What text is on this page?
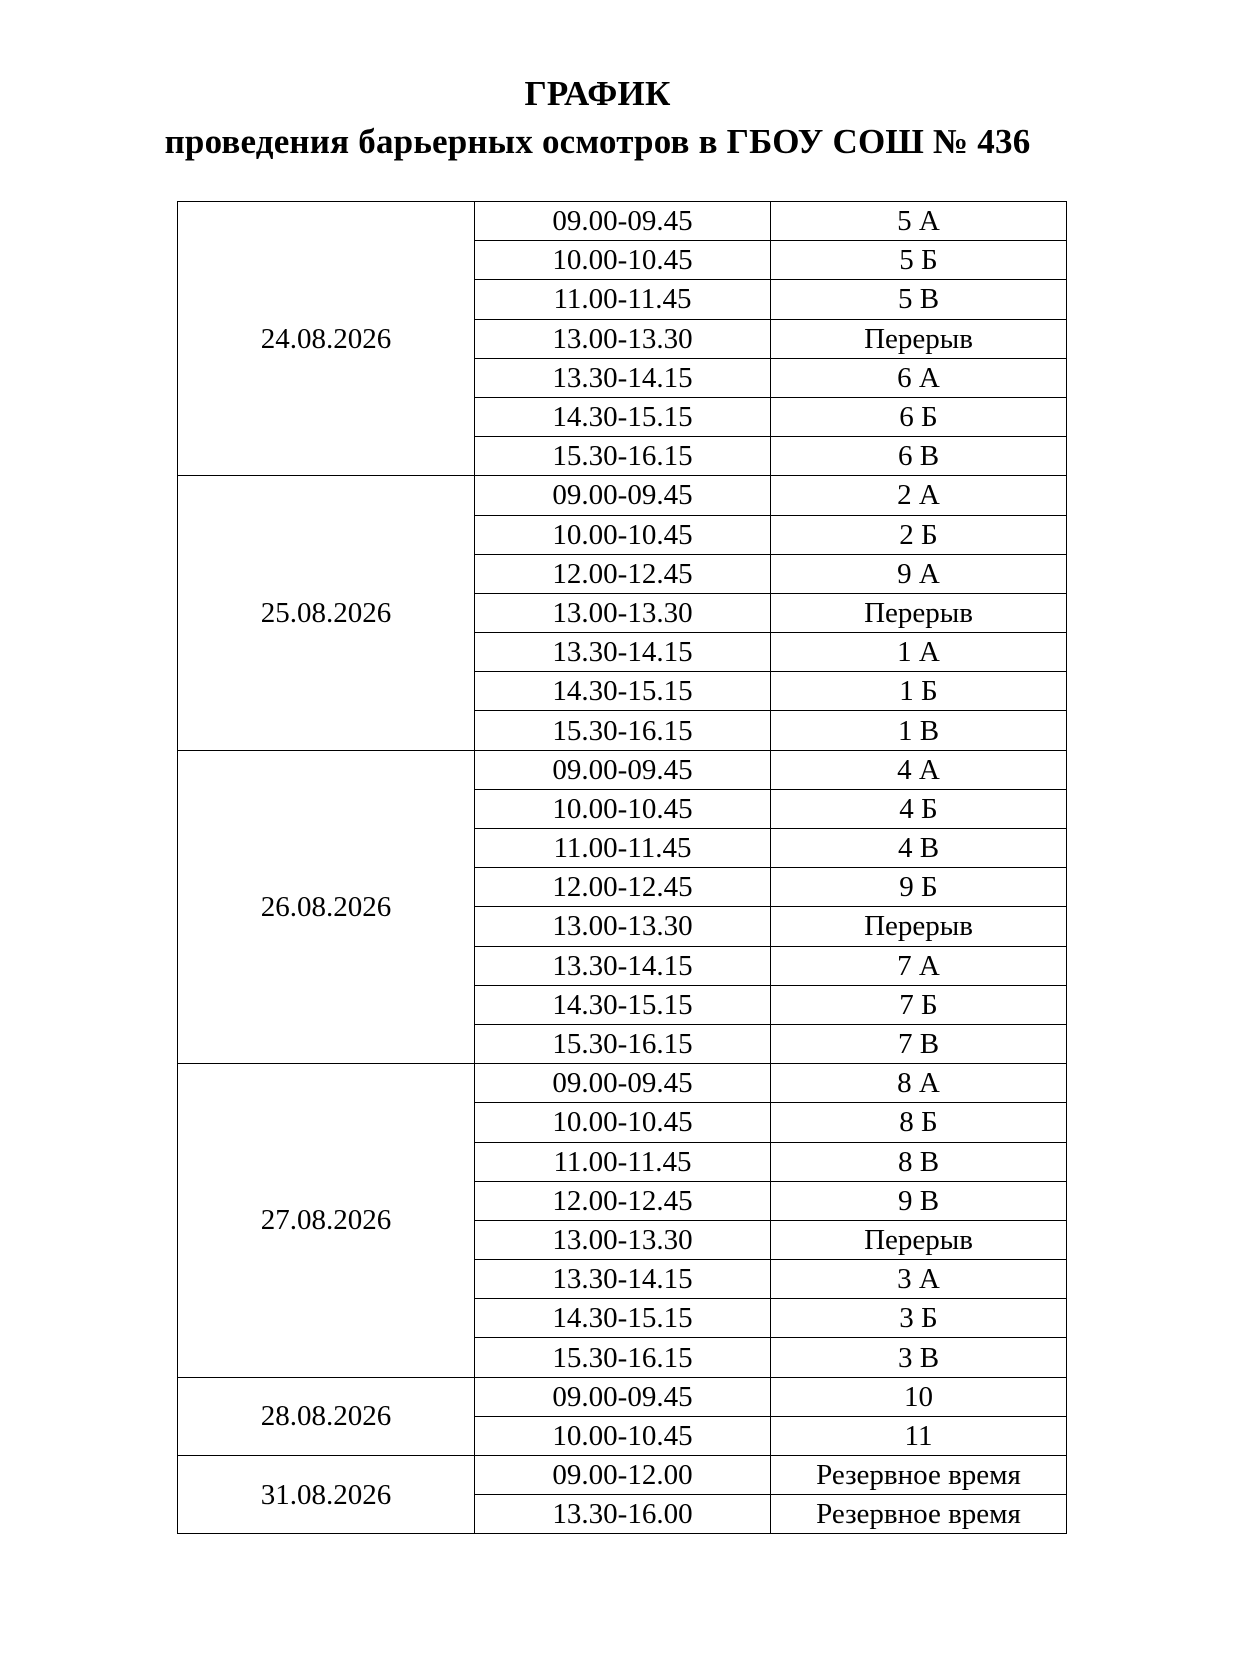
ГРАФИК
проведения барьерных осмотров в ГБОУ СОШ № 436
24.08.2026	09.00-09.45	5 А
	10.00-10.45	5 Б
	11.00-11.45	5 В
	13.00-13.30	Перерыв
	13.30-14.15	6 А
	14.30-15.15	6 Б
	15.30-16.15	6 В
25.08.2026	09.00-09.45	2 А
	10.00-10.45	2 Б
	12.00-12.45	9 А
	13.00-13.30	Перерыв
	13.30-14.15	1 А
	14.30-15.15	1 Б
	15.30-16.15	1 В
26.08.2026	09.00-09.45	4 А
	10.00-10.45	4 Б
	11.00-11.45	4 В
	12.00-12.45	9 Б
	13.00-13.30	Перерыв
	13.30-14.15	7 А
	14.30-15.15	7 Б
	15.30-16.15	7 В
27.08.2026	09.00-09.45	8 А
	10.00-10.45	8 Б
	11.00-11.45	8 В
	12.00-12.45	9 В
	13.00-13.30	Перерыв
	13.30-14.15	3 А
	14.30-15.15	3 Б
	15.30-16.15	3 В
28.08.2026	09.00-09.45	10
	10.00-10.45	11
31.08.2026	09.00-12.00	Резервное время
	13.30-16.00	Резервное время
